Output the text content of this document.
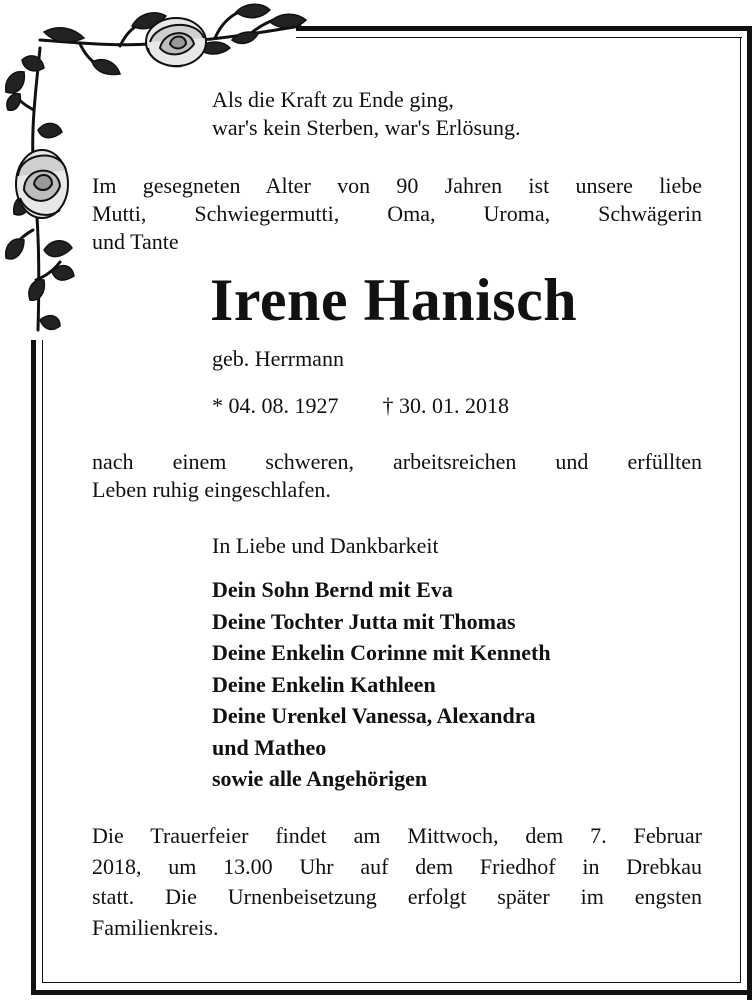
Als die Kraft zu Ende ging,
war's kein Sterben, war's Erlösung.
Im gesegneten Alter von 90 Jahren ist unsere liebe
Mutti, Schwiegermutti, Oma, Uroma, Schwägerin
und Tante
Irene Hanisch
geb. Herrmann
* 04. 08. 1927 † 30. 01. 2018
nach einem schweren, arbeitsreichen und erfüllten
Leben ruhig eingeschlafen.
In Liebe und Dankbarkeit
Dein Sohn Bernd mit Eva
Deine Tochter Jutta mit Thomas
Deine Enkelin Corinne mit Kenneth
Deine Enkelin Kathleen
Deine Urenkel Vanessa, Alexandra
und Matheo
sowie alle Angehörigen
Die Trauerfeier findet am Mittwoch, dem 7. Februar
2018, um 13.00 Uhr auf dem Friedhof in Drebkau
statt. Die Urnenbeisetzung erfolgt später im engsten
Familienkreis.
